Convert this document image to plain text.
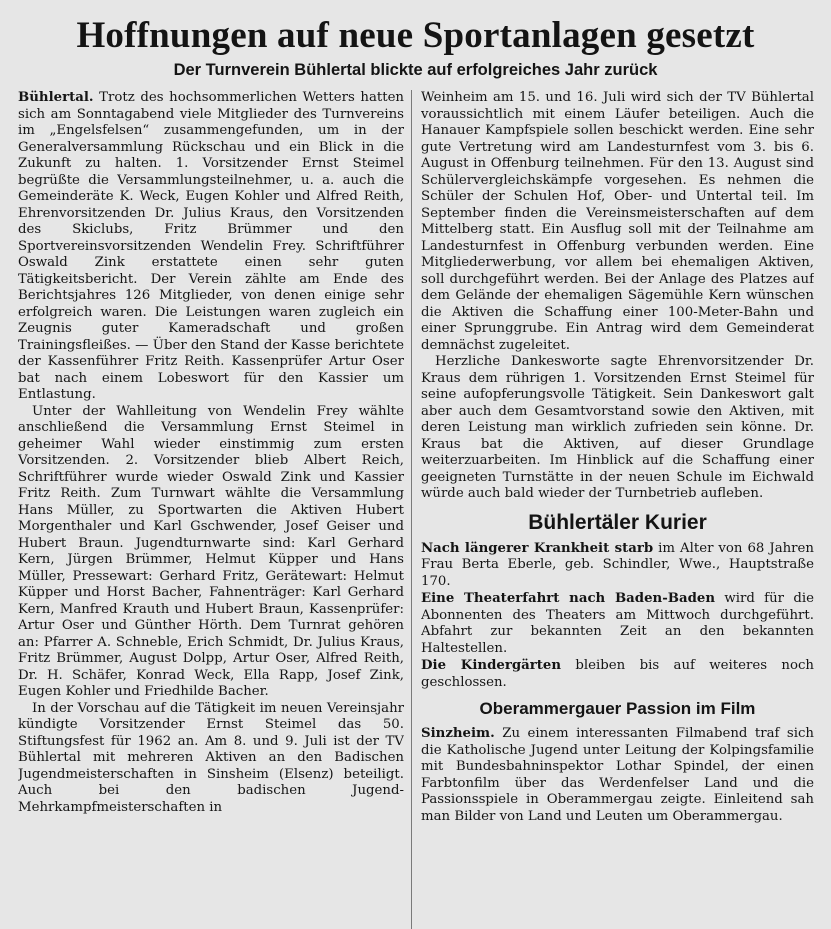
Hoffnungen auf neue Sportanlagen gesetzt
Der Turnverein Bühlertal blickte auf erfolgreiches Jahr zurück

Bühlertal. Trotz des hochsommerlichen Wetters hatten sich am Sonntagabend viele Mitglieder des Turnvereins im „Engelsfelsen“ zusammengefunden, um in der Generalversammlung Rückschau und ein Blick in die Zukunft zu halten. 1. Vorsitzender Ernst Steimel begrüßte die Versammlungsteilnehmer, u. a. auch die Gemeinderäte K. Weck, Eugen Kohler und Alfred Reith, Ehrenvorsitzenden Dr. Julius Kraus, den Vorsitzenden des Skiclubs, Fritz Brümmer und den Sportvereinsvorsitzenden Wendelin Frey. Schriftführer Oswald Zink erstattete einen sehr guten Tätigkeitsbericht. Der Verein zählte am Ende des Berichtsjahres 126 Mitglieder, von denen einige sehr erfolgreich waren. Die Leistungen waren zugleich ein Zeugnis guter Kameradschaft und großen Trainingsfleißes. — Über den Stand der Kasse berichtete der Kassenführer Fritz Reith. Kassenprüfer Artur Oser bat nach einem Lobeswort für den Kassier um Entlastung.

Unter der Wahlleitung von Wendelin Frey wählte anschließend die Versammlung Ernst Steimel in geheimer Wahl wieder einstimmig zum ersten Vorsitzenden. 2. Vorsitzender blieb Albert Reich, Schriftführer wurde wieder Oswald Zink und Kassier Fritz Reith. Zum Turnwart wählte die Versammlung Hans Müller, zu Sportwarten die Aktiven Hubert Morgenthaler und Karl Gschwender, Josef Geiser und Hubert Braun. Jugendturnwarte sind: Karl Gerhard Kern, Jürgen Brümmer, Helmut Küpper und Hans Müller, Pressewart: Gerhard Fritz, Gerätewart: Helmut Küpper und Horst Bacher, Fahnenträger: Karl Gerhard Kern, Manfred Krauth und Hubert Braun, Kassenprüfer: Artur Oser und Günther Hörth. Dem Turnrat gehören an: Pfarrer A. Schneble, Erich Schmidt, Dr. Julius Kraus, Fritz Brümmer, August Dolpp, Artur Oser, Alfred Reith, Dr. H. Schäfer, Konrad Weck, Ella Rapp, Josef Zink, Eugen Kohler und Friedhilde Bacher.

In der Vorschau auf die Tätigkeit im neuen Vereinsjahr kündigte Vorsitzender Ernst Steimel das 50. Stiftungsfest für 1962 an. Am 8. und 9. Juli ist der TV Bühlertal mit mehreren Aktiven an den Badischen Jugendmeisterschaften in Sinsheim (Elsenz) beteiligt. Auch bei den badischen Jugend-Mehrkampfmeisterschaften in

Weinheim am 15. und 16. Juli wird sich der TV Bühlertal voraussichtlich mit einem Läufer beteiligen. Auch die Hanauer Kampfspiele sollen beschickt werden. Eine sehr gute Vertretung wird am Landesturnfest vom 3. bis 6. August in Offenburg teilnehmen. Für den 13. August sind Schülervergleichskämpfe vorgesehen. Es nehmen die Schüler der Schulen Hof, Ober- und Untertal teil. Im September finden die Vereinsmeisterschaften auf dem Mittelberg statt. Ein Ausflug soll mit der Teilnahme am Landesturnfest in Offenburg verbunden werden. Eine Mitgliederwerbung, vor allem bei ehemaligen Aktiven, soll durchgeführt werden. Bei der Anlage des Platzes auf dem Gelände der ehemaligen Sägemühle Kern wünschen die Aktiven die Schaffung einer 100-Meter-Bahn und einer Sprunggrube. Ein Antrag wird dem Gemeinderat demnächst zugeleitet.

Herzliche Dankesworte sagte Ehrenvorsitzender Dr. Kraus dem rührigen 1. Vorsitzenden Ernst Steimel für seine aufopferungsvolle Tätigkeit. Sein Dankeswort galt aber auch dem Gesamtvorstand sowie den Aktiven, mit deren Leistung man wirklich zufrieden sein könne. Dr. Kraus bat die Aktiven, auf dieser Grundlage weiterzuarbeiten. Im Hinblick auf die Schaffung einer geeigneten Turnstätte in der neuen Schule im Eichwald würde auch bald wieder der Turnbetrieb aufleben.

Bühlertäler Kurier

Nach längerer Krankheit starb im Alter von 68 Jahren Frau Berta Eberle, geb. Schindler, Wwe., Hauptstraße 170.

Eine Theaterfahrt nach Baden-Baden wird für die Abonnenten des Theaters am Mittwoch durchgeführt. Abfahrt zur bekannten Zeit an den bekannten Haltestellen.

Die Kindergärten bleiben bis auf weiteres noch geschlossen.

Oberammergauer Passion im Film

Sinzheim. Zu einem interessanten Filmabend traf sich die Katholische Jugend unter Leitung der Kolpingsfamilie mit Bundesbahninspektor Lothar Spindel, der einen Farbtonfilm über das Werdenfelser Land und die Passionsspiele in Oberammergau zeigte. Einleitend sah man Bilder von Land und Leuten um Oberammergau.
